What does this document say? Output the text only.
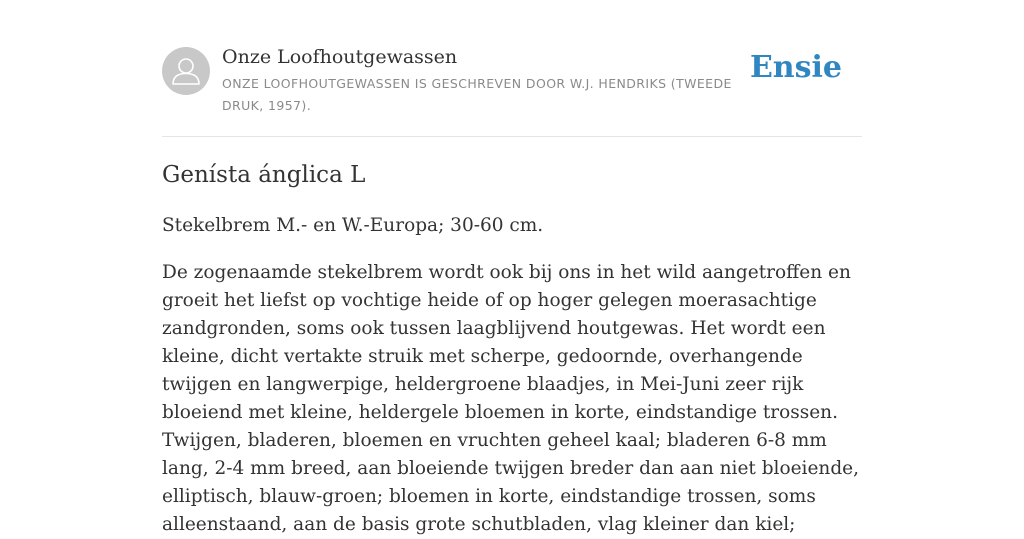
Onze Loofhoutgewassen
ONZE LOOFHOUTGEWASSEN IS GESCHREVEN DOOR W.J. HENDRIKS (TWEEDE DRUK, 1957).
Ensie
Genísta ánglica L

Stekelbrem M.- en W.-Europa; 30-60 cm.

De zogenaamde stekelbrem wordt ook bij ons in het wild aangetroffen en groeit het liefst op vochtige heide of op hoger gelegen moerasachtige zandgronden, soms ook tussen laagblijvend houtgewas. Het wordt een kleine, dicht vertakte struik met scherpe, gedoornde, overhangende twijgen en langwerpige, heldergroene blaadjes, in Mei-Juni zeer rijk bloeiend met kleine, heldergele bloemen in korte, eindstandige trossen. Twijgen, bladeren, bloemen en vruchten geheel kaal; bladeren 6-8 mm lang, 2-4 mm breed, aan bloeiende twijgen breder dan aan niet bloeiende, elliptisch, blauw-groen; bloemen in korte, eindstandige trossen, soms alleenstaand, aan de basis grote schutbladen, vlag kleiner dan kiel;
